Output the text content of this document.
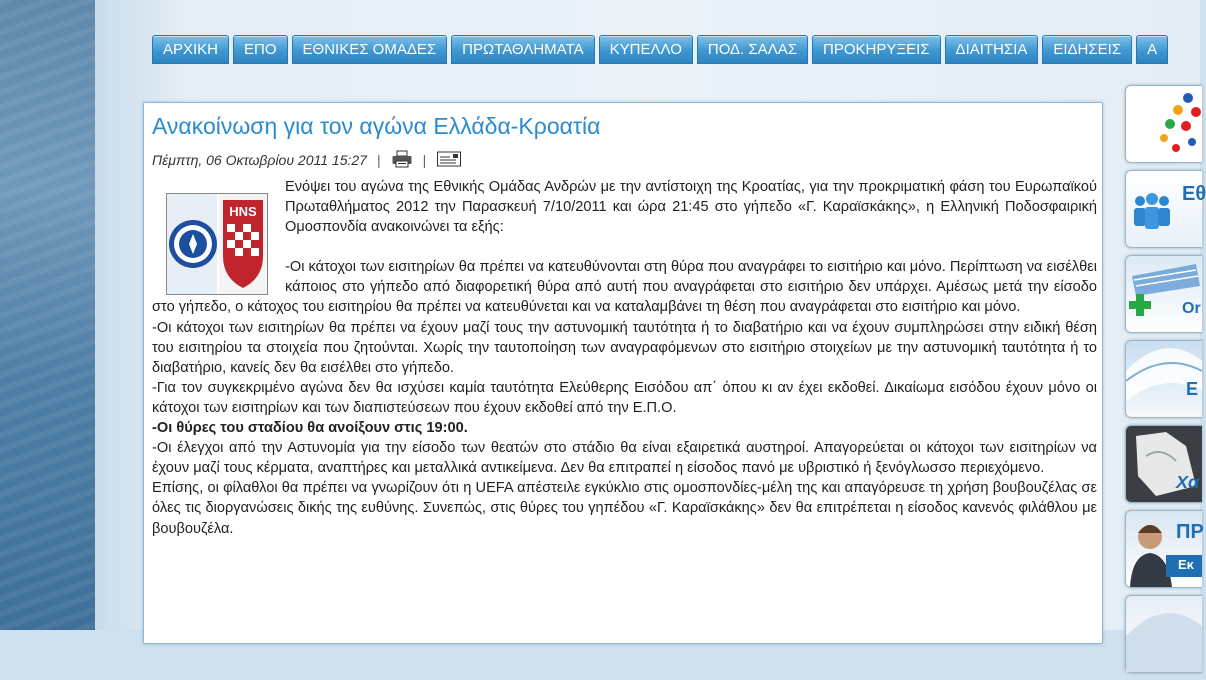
ΑΡΧΙΚΗ	ΕΠΟ	ΕΘΝΙΚΕΣ ΟΜΑΔΕΣ	ΠΡΩΤΑΘΛΗΜΑΤΑ	ΚΥΠΕΛΛΟ	ΠΟΔ. ΣΑΛΑΣ	ΠΡΟΚΗΡΥΞΕΙΣ	ΔΙΑΙΤΗΣΙΑ	ΕΙΔΗΣΕΙΣ	Α
Ανακοίνωση για τον αγώνα Ελλάδα-Κροατία
Πέμπτη, 06 Οκτωβρίου 2011 15:27 |	|
HNS

Ενόψει του αγώνα της Εθνικής Ομάδας Ανδρών με την αντίστοιχη της Κροατίας, για την προκριματική φάση του Ευρωπαϊκού Πρωταθλήματος 2012 την Παρασκευή 7/10/2011 και ώρα 21:45 στο γήπεδο «Γ. Καραϊσκάκης», η Ελληνική Ποδοσφαιρική Ομοσπονδία ανακοινώνει τα εξής:

-Οι κάτοχοι των εισιτηρίων θα πρέπει να κατευθύνονται στη θύρα που αναγράφει το εισιτήριο και μόνο. Περίπτωση να εισέλθει κάποιος στο γήπεδο από διαφορετική θύρα από αυτή που αναγράφεται στο εισιτήριο δεν υπάρχει. Αμέσως μετά την είσοδο στο γήπεδο, ο κάτοχος του εισιτηρίου θα πρέπει να κατευθύνεται και να καταλαμβάνει τη θέση που αναγράφεται στο εισιτήριο και μόνο.

-Οι κάτοχοι των εισιτηρίων θα πρέπει να έχουν μαζί τους την αστυνομική ταυτότητα ή το διαβατήριο και να έχουν συμπληρώσει στην ειδική θέση του εισιτηρίου τα στοιχεία που ζητούνται. Χωρίς την ταυτοποίηση των αναγραφόμενων στο εισιτήριο στοιχείων με την αστυνομική ταυτότητα ή το διαβατήριο, κανείς δεν θα εισέλθει στο γήπεδο.

-Για τον συγκεκριμένο αγώνα δεν θα ισχύσει καμία ταυτότητα Ελεύθερης Εισόδου απ΄ όπου κι αν έχει εκδοθεί. Δικαίωμα εισόδου έχουν μόνο οι κάτοχοι των εισιτηρίων και των διαπιστεύσεων που έχουν εκδοθεί από την Ε.Π.Ο.

-Οι θύρες του σταδίου θα ανοίξουν στις 19:00.

-Οι έλεγχοι από την Αστυνομία για την είσοδο των θεατών στο στάδιο θα είναι εξαιρετικά αυστηροί. Απαγορεύεται οι κάτοχοι των εισιτηρίων να έχουν μαζί τους κέρματα, αναπτήρες και μεταλλικά αντικείμενα. Δεν θα επιτραπεί η είσοδος πανό με υβριστικό ή ξενόγλωσσο περιεχόμενο.

Επίσης, οι φίλαθλοι θα πρέπει να γνωρίζουν ότι η UEFA απέστειλε εγκύκλιο στις ομοσπονδίες-μέλη της και απαγόρευσε τη χρήση βουβουζέλας σε όλες τις διοργανώσεις δικής της ευθύνης. Συνεπώς, στις θύρες του γηπέδου «Γ. Καραϊσκάκης» δεν θα επιτρέπεται η είσοδος κανενός φιλάθλου με βουβουζέλα.

Εθ
Or
Ε
Χα
ΠΡ
Εκ
